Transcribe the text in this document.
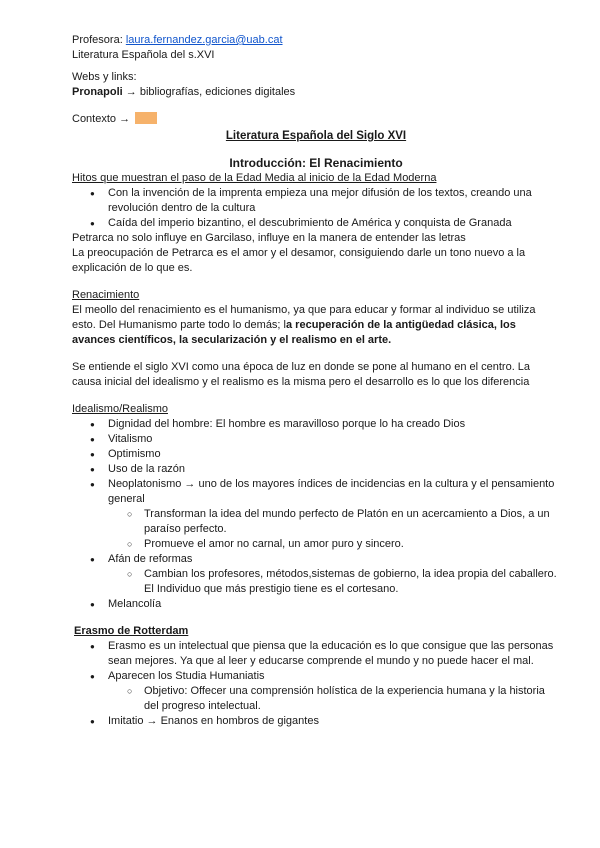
Profesora: laura.fernandez.garcia@uab.cat

Literatura Española del s.XVI

Webs y links:

Pronapoli → bibliografías, ediciones digitales

Contexto →

Literatura Española del Siglo XVI

Introducción: El Renacimiento

Hitos que muestran el paso de la Edad Media al inicio de la Edad Moderna

● Con la invención de la imprenta empieza una mejor difusión de los textos, creando una revolución dentro de la cultura
● Caída del imperio bizantino, el descubrimiento de América y conquista de Granada

Petrarca no solo influye en Garcilaso, influye en la manera de entender las letras

La preocupación de Petrarca es el amor y el desamor, consiguiendo darle un tono nuevo a la explicación de lo que es.

Renacimiento

El meollo del renacimiento es el humanismo, ya que para educar y formar al individuo se utiliza esto. Del Humanismo parte todo lo demás; la recuperación de la antigüedad clásica, los avances científicos, la secularización y el realismo en el arte.

Se entiende el siglo XVI como una época de luz en donde se pone al humano en el centro. La causa inicial del idealismo y el realismo es la misma pero el desarrollo es lo que los diferencia

Idealismo/Realismo

● Dignidad del hombre: El hombre es maravilloso porque lo ha creado Dios
● Vitalismo
● Optimismo
● Uso de la razón
● Neoplatonismo → uno de los mayores índices de incidencias en la cultura y el pensamiento general
○ Transforman la idea del mundo perfecto de Platón en un acercamiento a Dios, a un paraíso perfecto.
○ Promueve el amor no carnal, un amor puro y sincero.
● Afán de reformas
○ Cambian los profesores, métodos,sistemas de gobierno, la idea propia del caballero. El Individuo que más prestigio tiene es el cortesano.
● Melancolía

Erasmo de Rotterdam

● Erasmo es un intelectual que piensa que la educación es lo que consigue que las personas sean mejores. Ya que al leer y educarse comprende el mundo y no puede hacer el mal.
● Aparecen los Studia Humaniatis
○ Objetivo: Offecer una comprensión holística de la experiencia humana y la historia del progreso intelectual.
● Imitatio → Enanos en hombros de gigantes
